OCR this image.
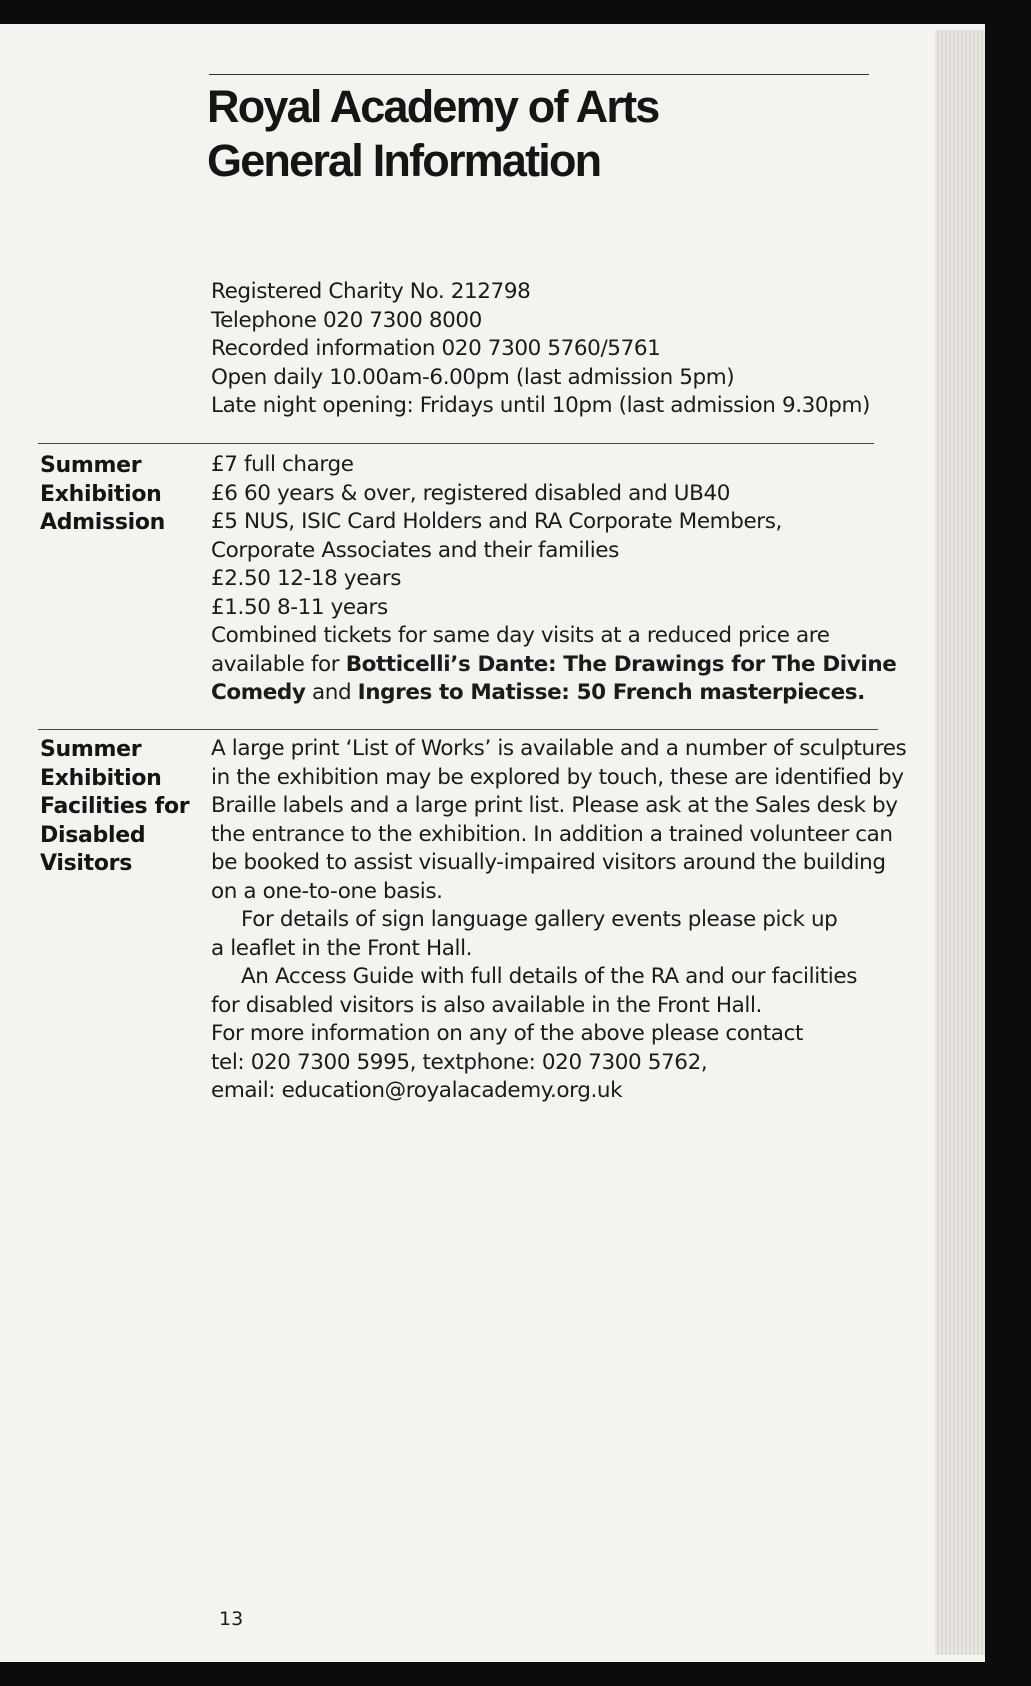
Royal Academy of Arts
General Information
Registered Charity No. 212798
Telephone 020 7300 8000
Recorded information 020 7300 5760/5761
Open daily 10.00am-6.00pm (last admission 5pm)
Late night opening: Fridays until 10pm (last admission 9.30pm)
Summer
Exhibition
Admission
£7 full charge
£6 60 years & over, registered disabled and UB40
£5 NUS, ISIC Card Holders and RA Corporate Members,
Corporate Associates and their families
£2.50 12-18 years
£1.50 8-11 years
Combined tickets for same day visits at a reduced price are
available for Botticelli’s Dante: The Drawings for The Divine
Comedy and Ingres to Matisse: 50 French masterpieces.
Summer
Exhibition
Facilities for
Disabled
Visitors
A large print ‘List of Works’ is available and a number of sculptures
in the exhibition may be explored by touch, these are identified by
Braille labels and a large print list. Please ask at the Sales desk by
the entrance to the exhibition. In addition a trained volunteer can
be booked to assist visually-impaired visitors around the building
on a one-to-one basis.
For details of sign language gallery events please pick up
a leaflet in the Front Hall.
An Access Guide with full details of the RA and our facilities
for disabled visitors is also available in the Front Hall.
For more information on any of the above please contact
tel: 020 7300 5995, textphone: 020 7300 5762,
email: education@royalacademy.org.uk
13
